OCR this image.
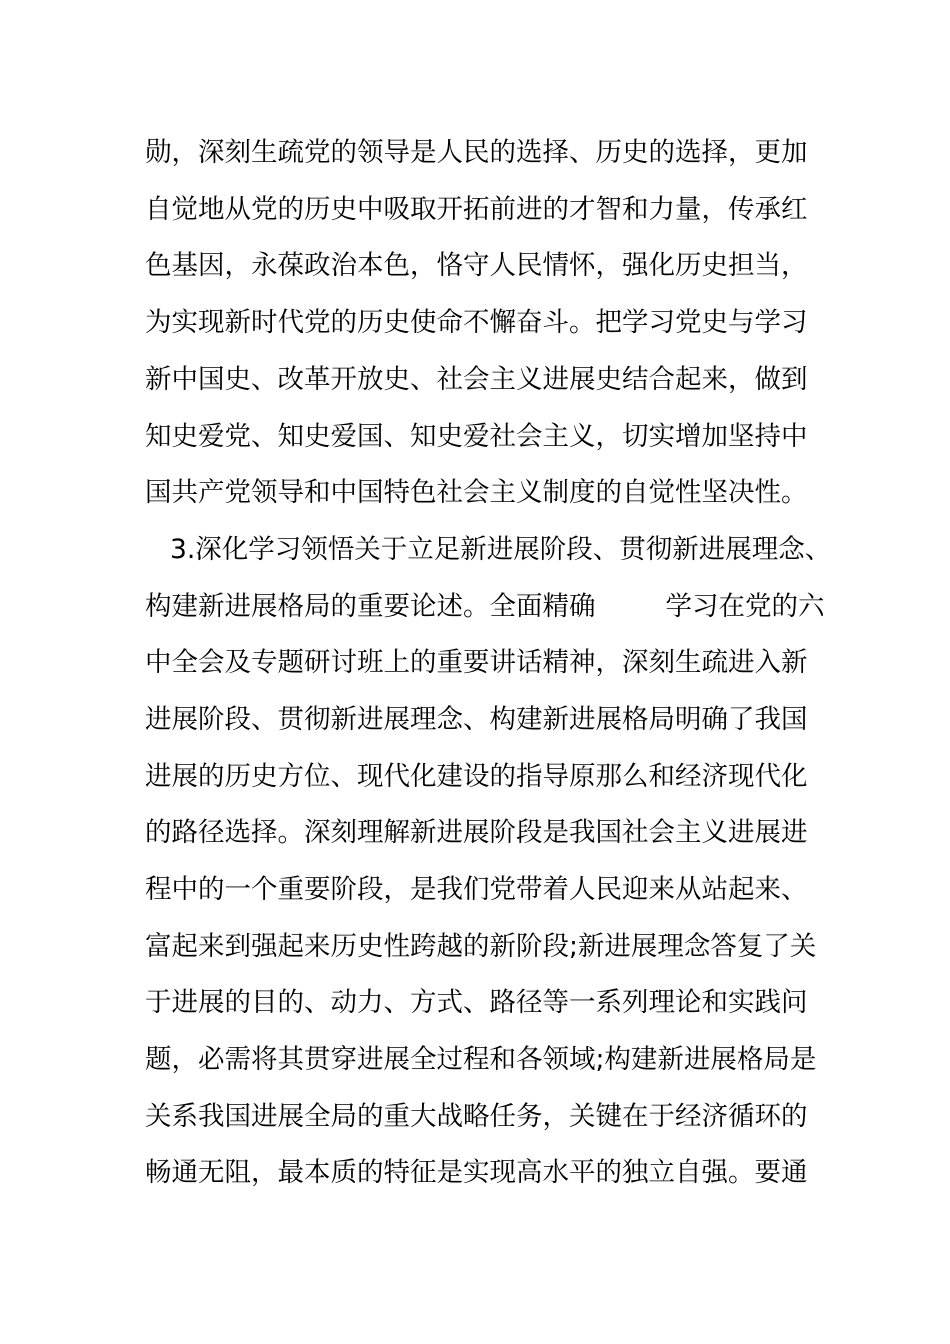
勋，深刻生疏党的领导是人民的选择、历史的选择，更加
自觉地从党的历史中吸取开拓前进的才智和力量，传承红
色基因，永葆政治本色，恪守人民情怀，强化历史担当，
为实现新时代党的历史使命不懈奋斗。把学习党史与学习
新中国史、改革开放史、社会主义进展史结合起来，做到
知史爱党、知史爱国、知史爱社会主义，切实增加坚持中
国共产党领导和中国特色社会主义制度的自觉性坚决性。
3.深化学习领悟关于立足新进展阶段、贯彻新进展理念、
构建新进展格局的重要论述。全面精确	学习在党的六
中全会及专题研讨班上的重要讲话精神，深刻生疏进入新
进展阶段、贯彻新进展理念、构建新进展格局明确了我国
进展的历史方位、现代化建设的指导原那么和经济现代化
的路径选择。深刻理解新进展阶段是我国社会主义进展进
程中的一个重要阶段，是我们党带着人民迎来从站起来、
富起来到强起来历史性跨越的新阶段;新进展理念答复了关
于进展的目的、动力、方式、路径等一系列理论和实践问
题，必需将其贯穿进展全过程和各领域;构建新进展格局是
关系我国进展全局的重大战略任务，关键在于经济循环的
畅通无阻，最本质的特征是实现高水平的独立自强。要通
